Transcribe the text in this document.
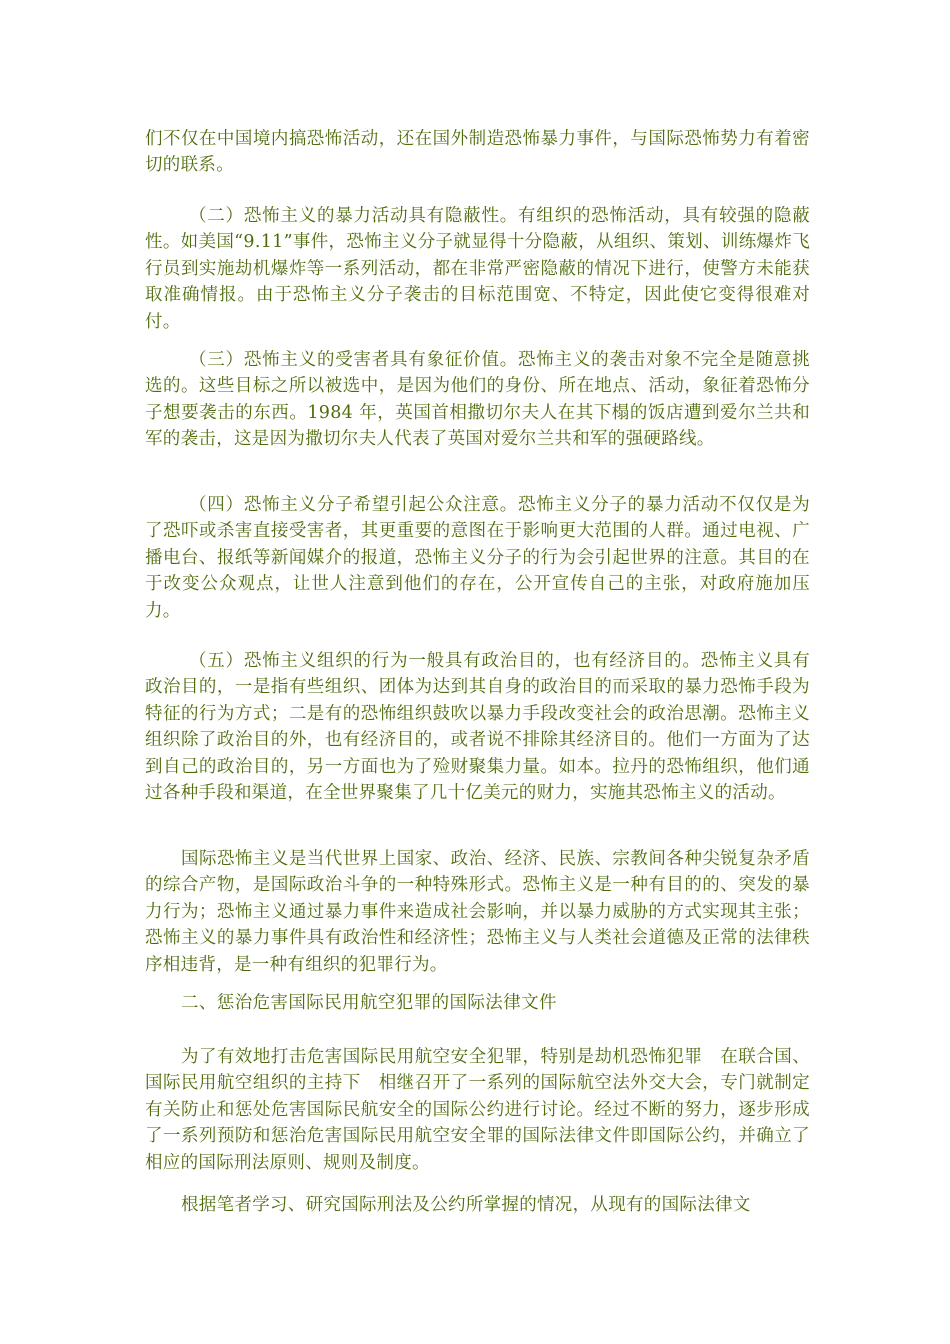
们不仅在中国境内搞恐怖活动，还在国外制造恐怖暴力事件，与国际恐怖势力有着密切的联系。

（二）恐怖主义的暴力活动具有隐蔽性。有组织的恐怖活动，具有较强的隐蔽性。如美国“9.11”事件，恐怖主义分子就显得十分隐蔽，从组织、策划、训练爆炸飞行员到实施劫机爆炸等一系列活动，都在非常严密隐蔽的情况下进行，使警方未能获取准确情报。由于恐怖主义分子袭击的目标范围宽、不特定，因此使它变得很难对付。

（三）恐怖主义的受害者具有象征价值。恐怖主义的袭击对象不完全是随意挑选的。这些目标之所以被选中，是因为他们的身份、所在地点、活动，象征着恐怖分子想要袭击的东西。1984 年，英国首相撒切尔夫人在其下榻的饭店遭到爱尔兰共和军的袭击，这是因为撒切尔夫人代表了英国对爱尔兰共和军的强硬路线。

（四）恐怖主义分子希望引起公众注意。恐怖主义分子的暴力活动不仅仅是为了恐吓或杀害直接受害者，其更重要的意图在于影响更大范围的人群。通过电视、广播电台、报纸等新闻媒介的报道，恐怖主义分子的行为会引起世界的注意。其目的在于改变公众观点，让世人注意到他们的存在，公开宣传自己的主张，对政府施加压力。

（五）恐怖主义组织的行为一般具有政治目的，也有经济目的。恐怖主义具有政治目的，一是指有些组织、团体为达到其自身的政治目的而采取的暴力恐怖手段为特征的行为方式；二是有的恐怖组织鼓吹以暴力手段改变社会的政治思潮。恐怖主义组织除了政治目的外，也有经济目的，或者说不排除其经济目的。他们一方面为了达到自己的政治目的，另一方面也为了殓财聚集力量。如本。拉丹的恐怖组织，他们通过各种手段和渠道，在全世界聚集了几十亿美元的财力，实施其恐怖主义的活动。

国际恐怖主义是当代世界上国家、政治、经济、民族、宗教间各种尖锐复杂矛盾的综合产物，是国际政治斗争的一种特殊形式。恐怖主义是一种有目的的、突发的暴力行为；恐怖主义通过暴力事件来造成社会影响，并以暴力威胁的方式实现其主张；恐怖主义的暴力事件具有政治性和经济性；恐怖主义与人类社会道德及正常的法律秩序相违背，是一种有组织的犯罪行为。

二、惩治危害国际民用航空犯罪的国际法律文件

为了有效地打击危害国际民用航空安全犯罪，特别是劫机恐怖犯罪　在联合国、国际民用航空组织的主持下　相继召开了一系列的国际航空法外交大会，专门就制定有关防止和惩处危害国际民航安全的国际公约进行讨论。经过不断的努力，逐步形成了一系列预防和惩治危害国际民用航空安全罪的国际法律文件即国际公约，并确立了相应的国际刑法原则、规则及制度。

根据笔者学习、研究国际刑法及公约所掌握的情况，从现有的国际法律文
